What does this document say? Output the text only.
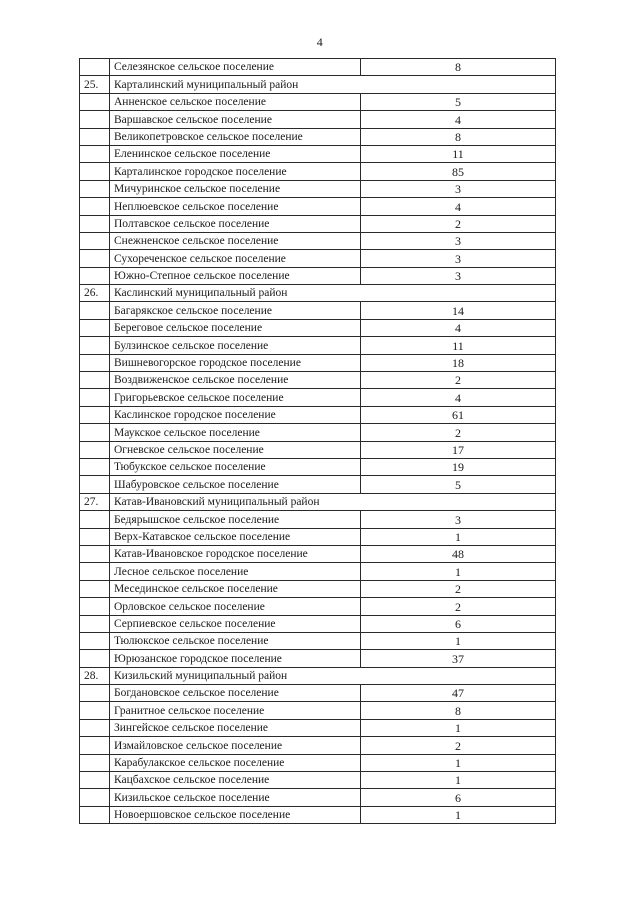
4
	Селезянское сельское поселение	8
25.	Карталинский муниципальный район	
	Анненское сельское поселение	5
	Варшавское сельское поселение	4
	Великопетровское сельское поселение	8
	Еленинское сельское поселение	11
	Карталинское городское поселение	85
	Мичуринское сельское поселение	3
	Неплюевское сельское поселение	4
	Полтавское сельское поселение	2
	Снежненское сельское поселение	3
	Сухореченское сельское поселение	3
	Южно-Степное сельское поселение	3
26.	Каслинский муниципальный район	
	Багарякское сельское поселение	14
	Береговое сельское поселение	4
	Булзинское сельское поселение	11
	Вишневогорское городское поселение	18
	Воздвиженское сельское поселение	2
	Григорьевское сельское поселение	4
	Каслинское городское поселение	61
	Маукское сельское поселение	2
	Огневское сельское поселение	17
	Тюбукское сельское поселение	19
	Шабуровское сельское поселение	5
27.	Катав-Ивановский муниципальный район	
	Бедярышское сельское поселение	3
	Верх-Катавское сельское поселение	1
	Катав-Ивановское городское поселение	48
	Лесное сельское поселение	1
	Месединское сельское поселение	2
	Орловское сельское поселение	2
	Серпиевское сельское поселение	6
	Тюлюкское сельское поселение	1
	Юрюзанское городское поселение	37
28.	Кизильский муниципальный район	
	Богдановское сельское поселение	47
	Гранитное сельское поселение	8
	Зингейское сельское поселение	1
	Измайловское сельское поселение	2
	Карабулакское сельское поселение	1
	Кацбахское сельское поселение	1
	Кизильское сельское поселение	6
	Новоершовское сельское поселение	1
